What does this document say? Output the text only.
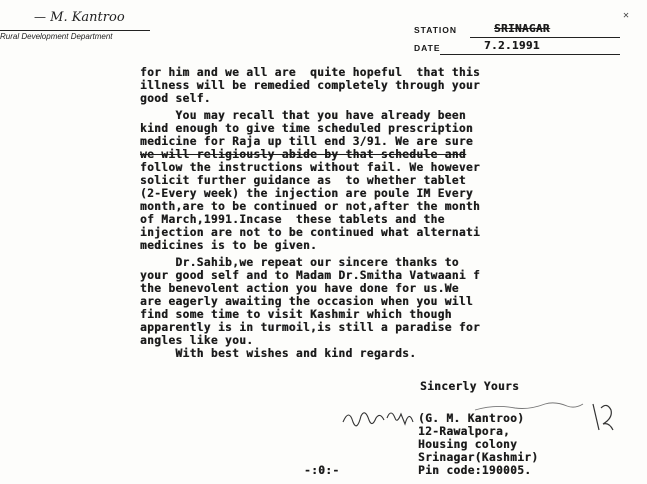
— M. Kantroo
Rural Development Department
STATION	SRINAGAR
DATE	7.2.1991
✕
for him and we all are  quite hopeful  that this
illness will be remedied completely through your
good self.
You may recall that you have already been
kind enough to give time scheduled prescription
medicine for Raja up till end 3/91. We are sure
we will religiously abide by that schedule and
follow the instructions without fail. We however
solicit further guidance as  to whether tablet
(2-Every week) the injection are poule IM Every
month,are to be continued or not,after the month
of March,1991.Incase  these tablets and the
injection are not to be continued what alternati
medicines is to be given.
Dr.Sahib,we repeat our sincere thanks to
your good self and to Madam Dr.Smitha Vatwaani f
the benevolent action you have done for us.We
are eagerly awaiting the occasion when you will
find some time to visit Kashmir which though
apparently is in turmoil,is still a paradise for
angles like you.
With best wishes and kind regards.
Sincerly Yours
(G. M. Kantroo)
12-Rawalpora,
Housing colony
Srinagar(Kashmir)
Pin code:190005.
-:0:-
